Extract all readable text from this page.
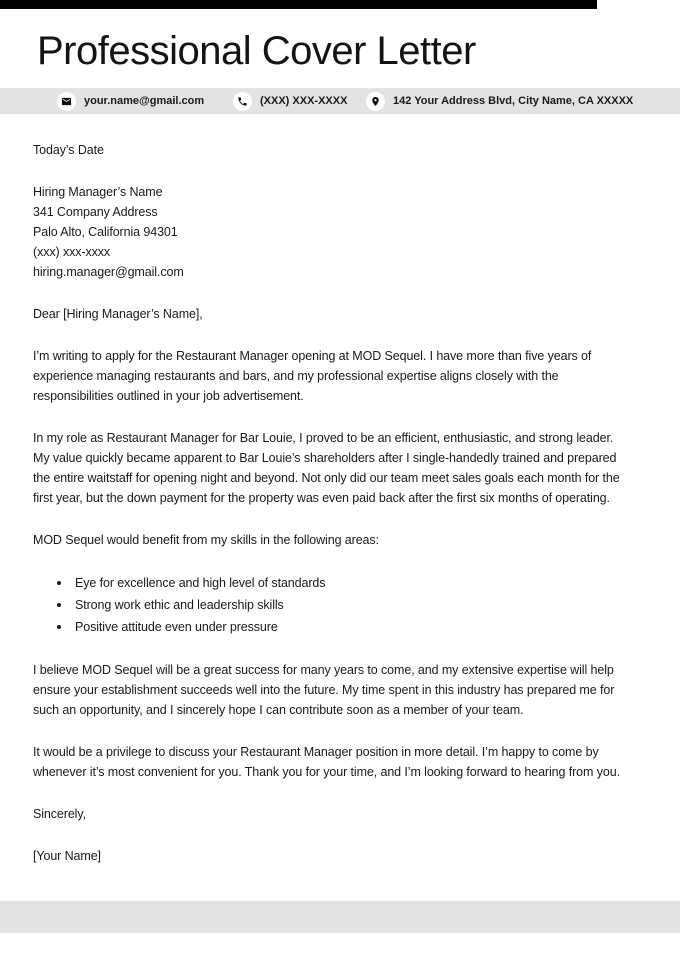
Professional Cover Letter
your.name@gmail.com	(XXX) XXX-XXXX	142 Your Address Blvd, City Name, CA XXXXX
Today’s Date
Hiring Manager’s Name
341 Company Address
Palo Alto, California 94301
(xxx) xxx-xxxx
hiring.manager@gmail.com
Dear [Hiring Manager’s Name],
I’m writing to apply for the Restaurant Manager opening at MOD Sequel. I have more than five years of
experience managing restaurants and bars, and my professional expertise aligns closely with the
responsibilities outlined in your job advertisement.
In my role as Restaurant Manager for Bar Louie, I proved to be an efficient, enthusiastic, and strong leader.
My value quickly became apparent to Bar Louie’s shareholders after I single-handedly trained and prepared
the entire waitstaff for opening night and beyond. Not only did our team meet sales goals each month for the
first year, but the down payment for the property was even paid back after the first six months of operating.
MOD Sequel would benefit from my skills in the following areas:
Eye for excellence and high level of standards
Strong work ethic and leadership skills
Positive attitude even under pressure
I believe MOD Sequel will be a great success for many years to come, and my extensive expertise will help
ensure your establishment succeeds well into the future. My time spent in this industry has prepared me for
such an opportunity, and I sincerely hope I can contribute soon as a member of your team.
It would be a privilege to discuss your Restaurant Manager position in more detail. I’m happy to come by
whenever it’s most convenient for you. Thank you for your time, and I’m looking forward to hearing from you.
Sincerely,
[Your Name]
